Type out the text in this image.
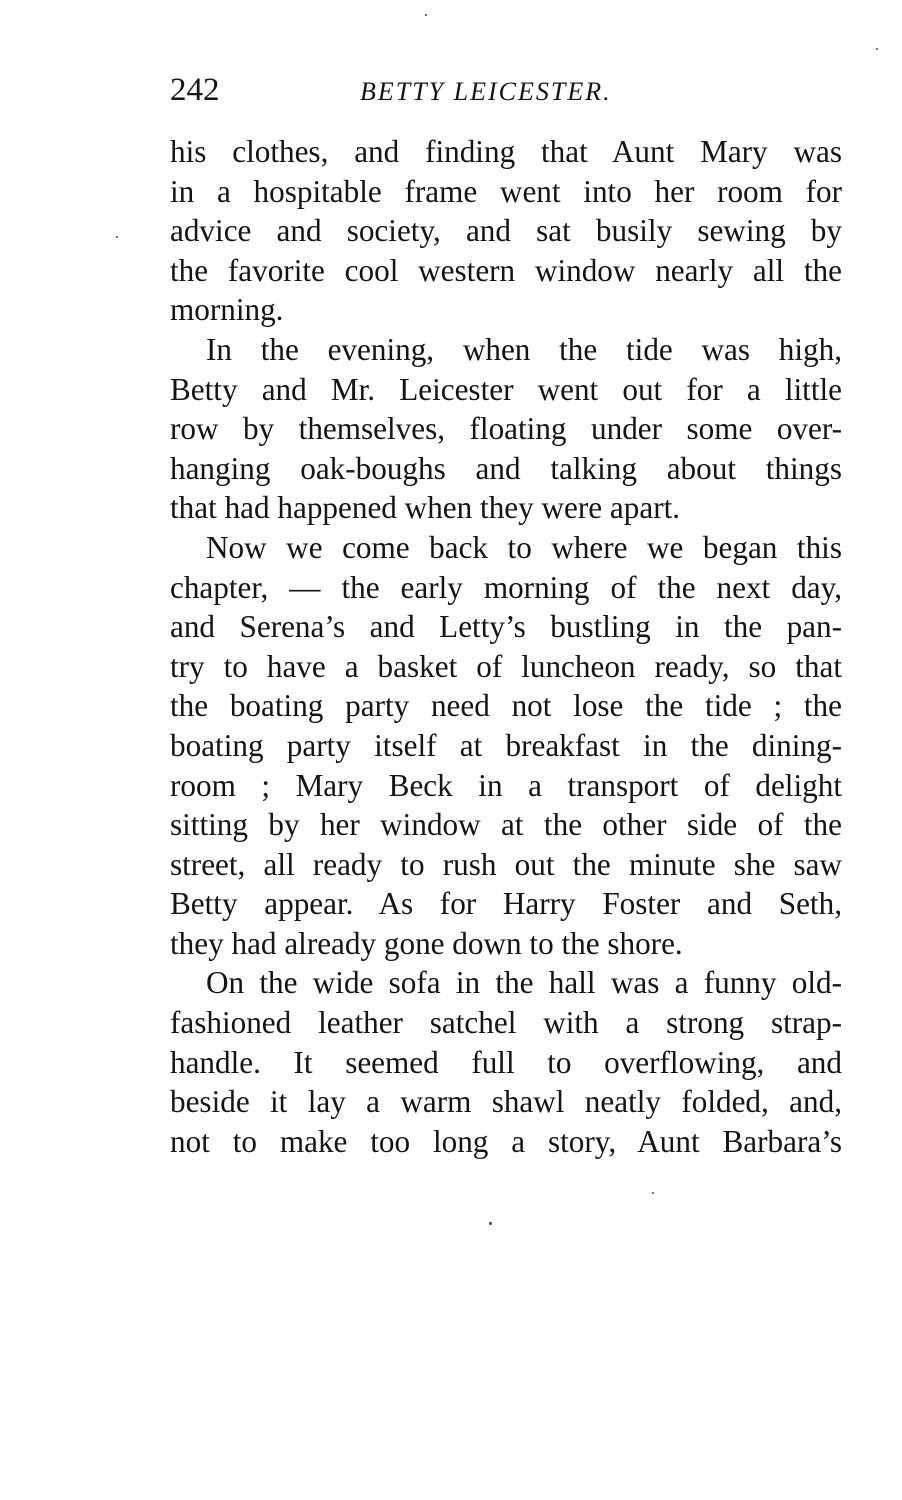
242	BETTY LEICESTER.

his clothes, and finding that Aunt Mary was
in a hospitable frame went into her room for
advice and society, and sat busily sewing by
the favorite cool western window nearly all the
morning.

In the evening, when the tide was high,
Betty and Mr. Leicester went out for a little
row by themselves, floating under some over-
hanging oak-boughs and talking about things
that had happened when they were apart.

Now we come back to where we began this
chapter, — the early morning of the next day,
and Serena’s and Letty’s bustling in the pan-
try to have a basket of luncheon ready, so that
the boating party need not lose the tide ; the
boating party itself at breakfast in the dining-
room ; Mary Beck in a transport of delight
sitting by her window at the other side of the
street, all ready to rush out the minute she saw
Betty appear. As for Harry Foster and Seth,
they had already gone down to the shore.

On the wide sofa in the hall was a funny old-
fashioned leather satchel with a strong strap-
handle. It seemed full to overflowing, and
beside it lay a warm shawl neatly folded, and,
not to make too long a story, Aunt Barbara’s
